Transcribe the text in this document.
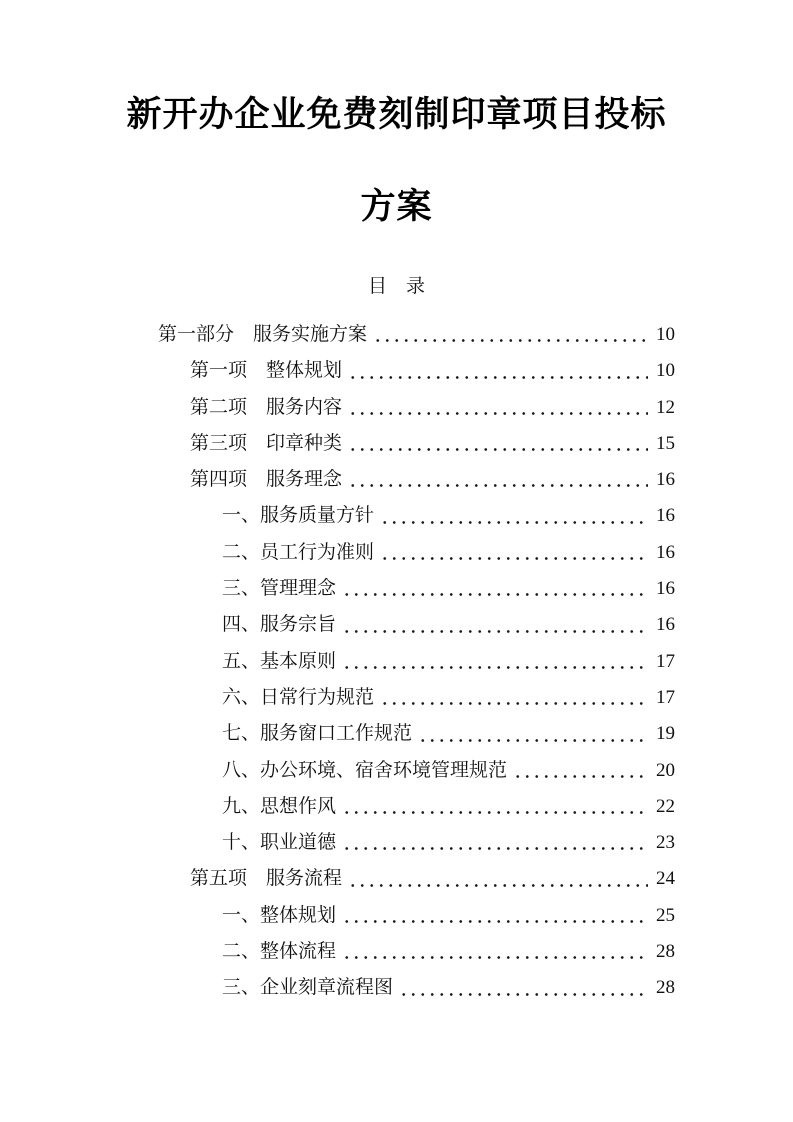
新开办企业免费刻制印章项目投标
方案
目　录
第一部分　服务实施方案	10
第一项　整体规划	10
第二项　服务内容	12
第三项　印章种类	15
第四项　服务理念	16
一、服务质量方针	16
二、员工行为准则	16
三、管理理念	16
四、服务宗旨	16
五、基本原则	17
六、日常行为规范	17
七、服务窗口工作规范	19
八、办公环境、宿舍环境管理规范	20
九、思想作风	22
十、职业道德	23
第五项　服务流程	24
一、整体规划	25
二、整体流程	28
三、企业刻章流程图	28
